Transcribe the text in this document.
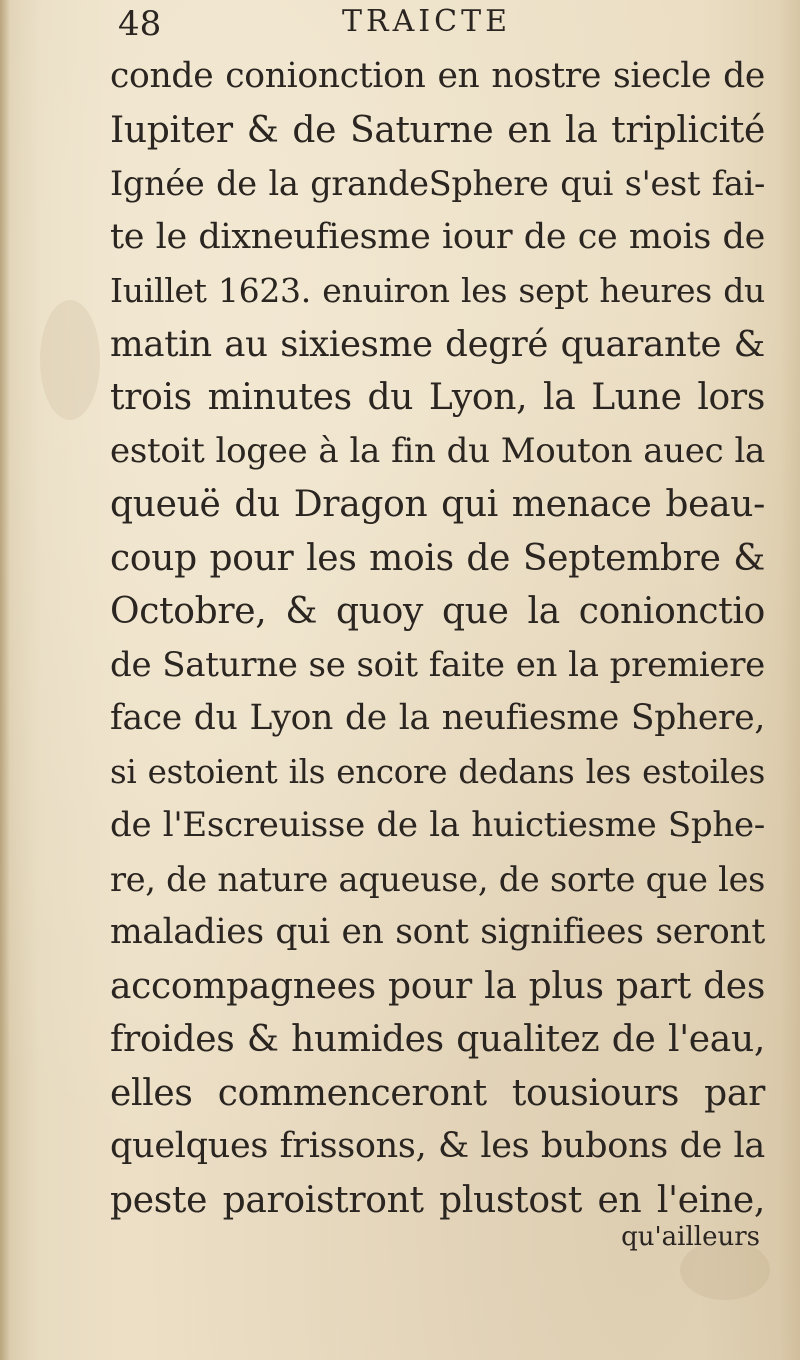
48	TRAICTE
conde conionction en nostre siecle de
Iupiter & de Saturne en la triplicité
Ignée de la grandeSphere qui s'est fai-
te le dixneufiesme iour de ce mois de
Iuillet 1623. enuiron les sept heures du
matin au sixiesme degré quarante &
trois minutes du Lyon, la Lune lors
estoit logee à la fin du Mouton auec la
queuë du Dragon qui menace beau-
coup pour les mois de Septembre &
Octobre, & quoy que la conionctio
de Saturne se soit faite en la premiere
face du Lyon de la neufiesme Sphere,
si estoient ils encore dedans les estoiles
de l'Escreuisse de la huictiesme Sphe-
re, de nature aqueuse, de sorte que les
maladies qui en sont signifiees seront
accompagnees pour la plus part des
froides & humides qualitez de l'eau,
elles commenceront tousiours par
quelques frissons, & les bubons de la
peste paroistront plustost en l'eine,
qu'ailleurs
